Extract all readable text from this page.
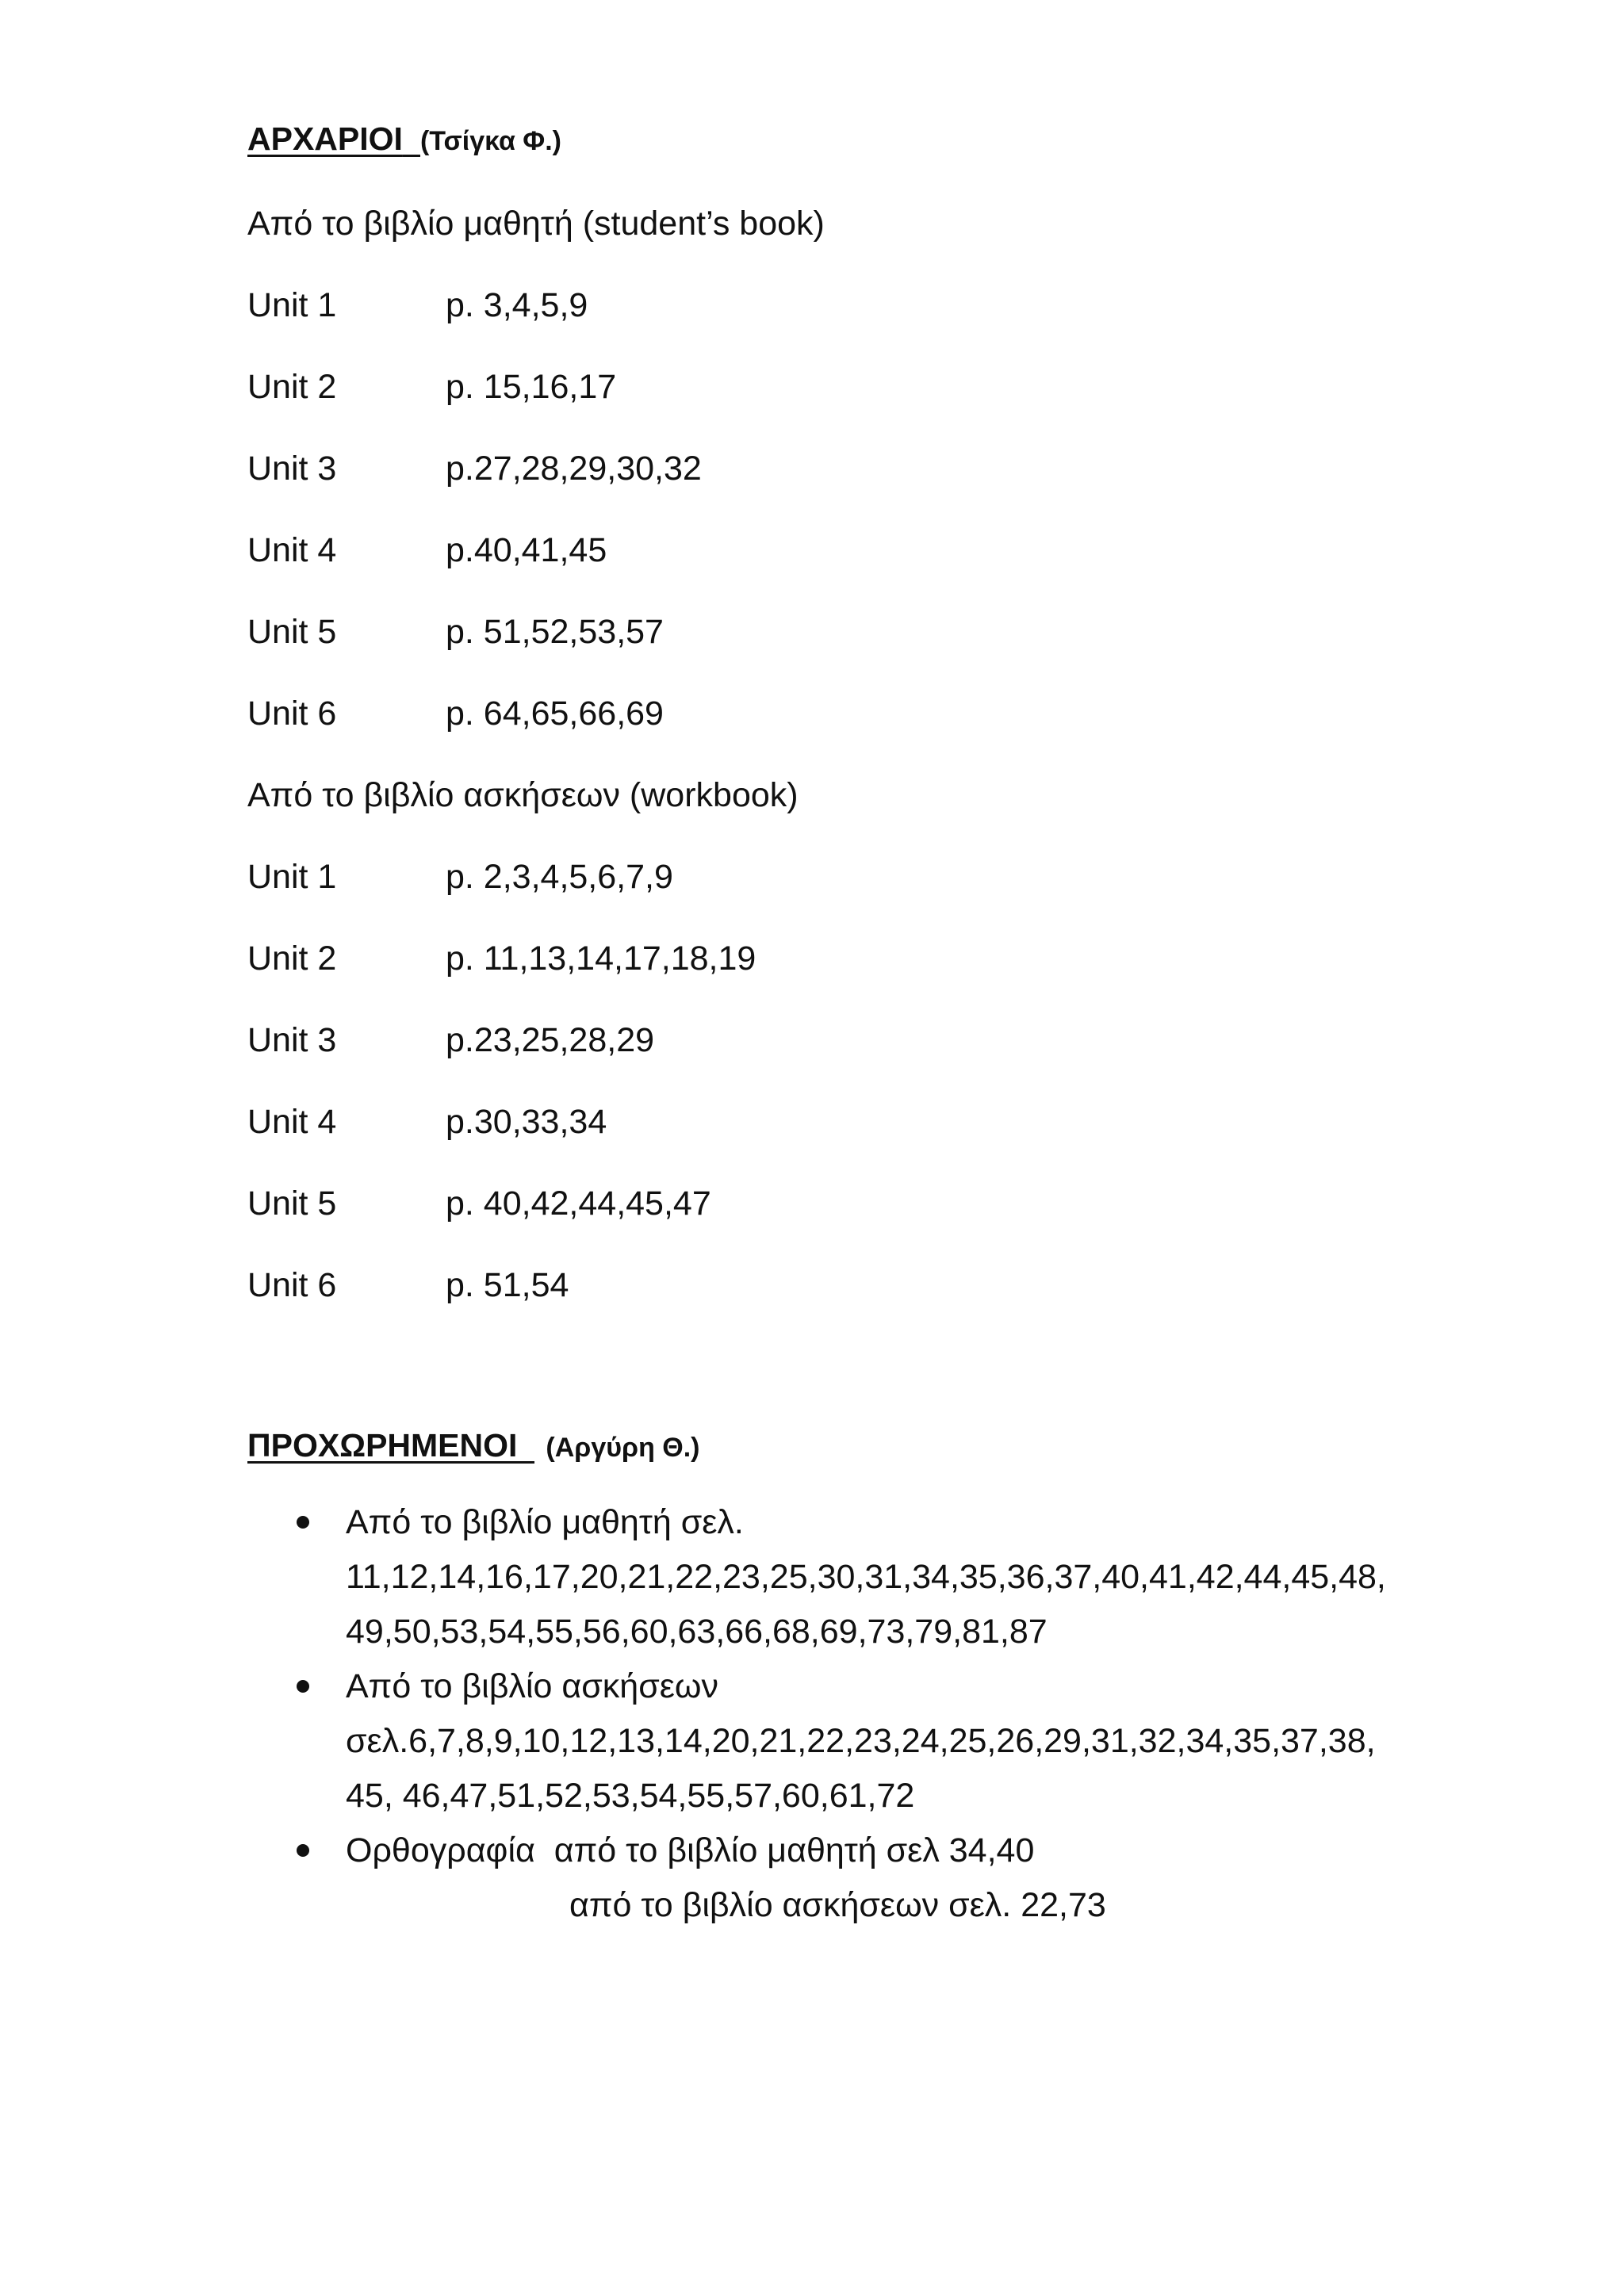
ΑΡΧΑΡΙΟΙ (Τσίγκα Φ.)
Από το βιβλίο μαθητή (student’s book)
Unit 1	p. 3,4,5,9
Unit 2	p. 15,16,17
Unit 3	p.27,28,29,30,32
Unit 4	p.40,41,45
Unit 5	p. 51,52,53,57
Unit 6	p. 64,65,66,69
Από το βιβλίο ασκήσεων (workbook)
Unit 1	p. 2,3,4,5,6,7,9
Unit 2	p. 11,13,14,17,18,19
Unit 3	p.23,25,28,29
Unit 4	p.30,33,34
Unit 5	p. 40,42,44,45,47
Unit 6	p. 51,54
ΠΡΟΧΩΡΗΜΕΝΟΙ (Αργύρη Θ.)
Από το βιβλίο μαθητή σελ.
11,12,14,16,17,20,21,22,23,25,30,31,34,35,36,37,40,41,42,44,45,48,
49,50,53,54,55,56,60,63,66,68,69,73,79,81,87
Από το βιβλίο ασκήσεων
σελ.6,7,8,9,10,12,13,14,20,21,22,23,24,25,26,29,31,32,34,35,37,38,
45, 46,47,51,52,53,54,55,57,60,61,72
Ορθογραφία  από το βιβλίο μαθητή σελ 34,40
από το βιβλίο ασκήσεων σελ. 22,73
